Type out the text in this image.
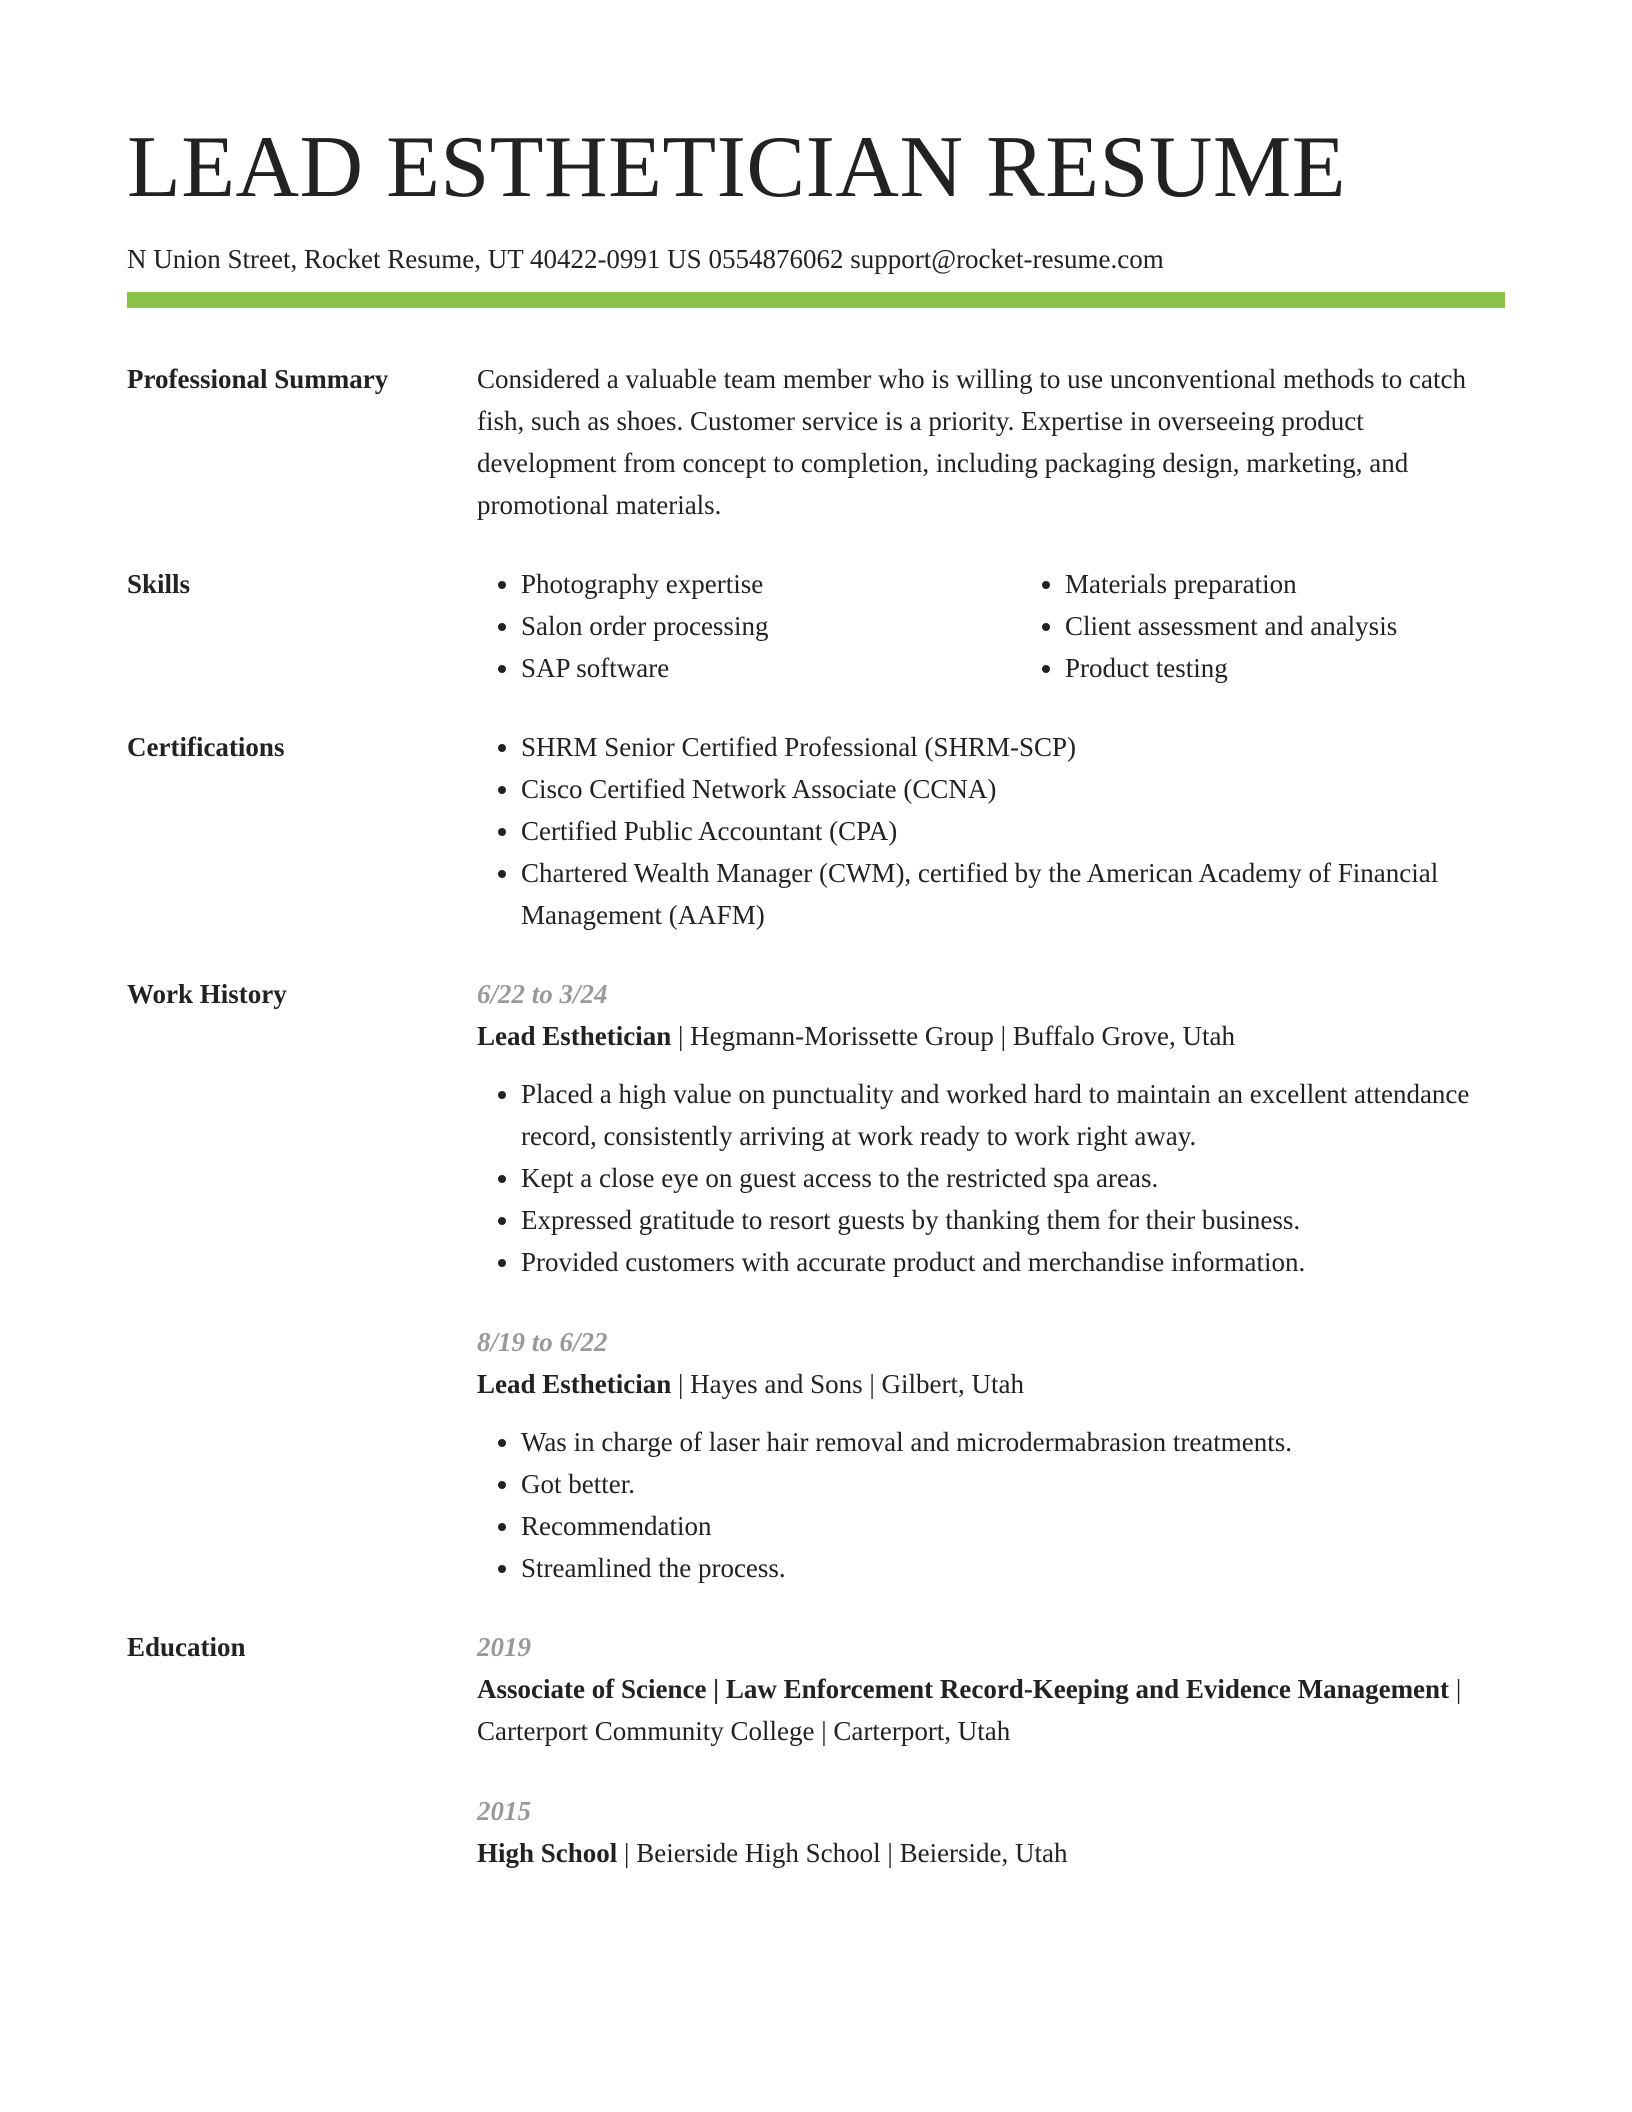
LEAD ESTHETICIAN RESUME
N Union Street, Rocket Resume, UT 40422-0991 US 0554876062 support@rocket-resume.com
Professional Summary	Considered a valuable team member who is willing to use unconventional methods to catch fish, such as shoes. Customer service is a priority. Expertise in overseeing product development from concept to completion, including packaging design, marketing, and promotional materials.

Skills	• Photography expertise
• Salon order processing
• SAP software
• Materials preparation
• Client assessment and analysis
• Product testing
Certifications	• SHRM Senior Certified Professional (SHRM-SCP)
• Cisco Certified Network Associate (CCNA)
• Certified Public Accountant (CPA)
• Chartered Wealth Manager (CWM), certified by the American Academy of Financial Management (AAFM)
Work History	6/22 to 3/24
Lead Esthetician | Hegmann-Morissette Group | Buffalo Grove, Utah
• Placed a high value on punctuality and worked hard to maintain an excellent attendance record, consistently arriving at work ready to work right away.
• Kept a close eye on guest access to the restricted spa areas.
• Expressed gratitude to resort guests by thanking them for their business.
• Provided customers with accurate product and merchandise information.
8/19 to 6/22
Lead Esthetician | Hayes and Sons | Gilbert, Utah
• Was in charge of laser hair removal and microdermabrasion treatments.
• Got better.
• Recommendation
• Streamlined the process.
Education	2019
Associate of Science | Law Enforcement Record-Keeping and Evidence Management | Carterport Community College | Carterport, Utah
2015
High School | Beierside High School | Beierside, Utah
